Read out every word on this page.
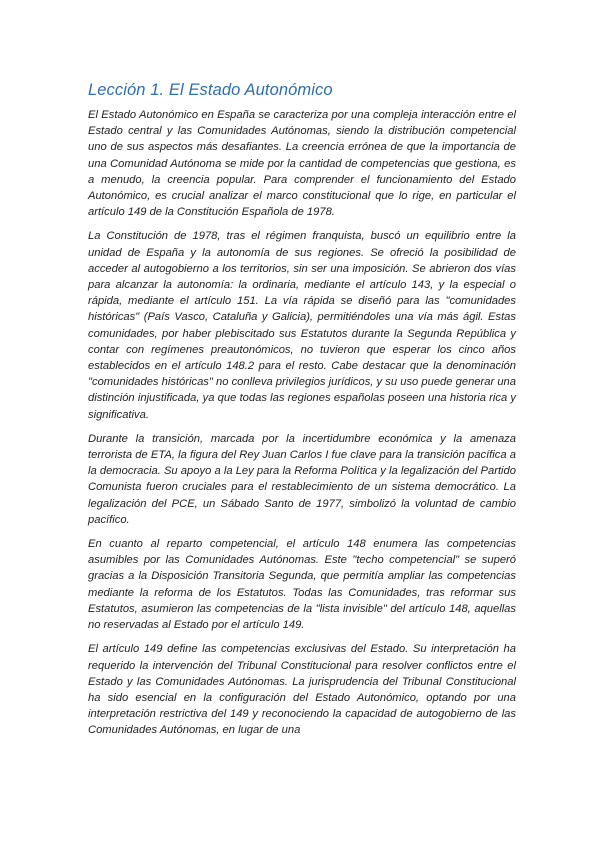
Lección 1. El Estado Autonómico

El Estado Autonómico en España se caracteriza por una compleja interacción entre el Estado central y las Comunidades Autónomas, siendo la distribución competencial uno de sus aspectos más desafiantes. La creencia errónea de que la importancia de una Comunidad Autónoma se mide por la cantidad de competencias que gestiona, es a menudo, la creencia popular. Para comprender el funcionamiento del Estado Autonómico, es crucial analizar el marco constitucional que lo rige, en particular el artículo 149 de la Constitución Española de 1978.

La Constitución de 1978, tras el régimen franquista, buscó un equilibrio entre la unidad de España y la autonomía de sus regiones. Se ofreció la posibilidad de acceder al autogobierno a los territorios, sin ser una imposición. Se abrieron dos vías para alcanzar la autonomía: la ordinaria, mediante el artículo 143, y la especial o rápida, mediante el artículo 151. La vía rápida se diseñó para las "comunidades históricas" (País Vasco, Cataluña y Galicia), permitiéndoles una vía más ágil. Estas comunidades, por haber plebiscitado sus Estatutos durante la Segunda República y contar con regímenes preautonómicos, no tuvieron que esperar los cinco años establecidos en el artículo 148.2 para el resto. Cabe destacar que la denominación "comunidades históricas" no conlleva privilegios jurídicos, y su uso puede generar una distinción injustificada, ya que todas las regiones españolas poseen una historia rica y significativa.

Durante la transición, marcada por la incertidumbre económica y la amenaza terrorista de ETA, la figura del Rey Juan Carlos I fue clave para la transición pacífica a la democracia. Su apoyo a la Ley para la Reforma Política y la legalización del Partido Comunista fueron cruciales para el restablecimiento de un sistema democrático. La legalización del PCE, un Sábado Santo de 1977, simbolizó la voluntad de cambio pacífico.

En cuanto al reparto competencial, el artículo 148 enumera las competencias asumibles por las Comunidades Autónomas. Este "techo competencial" se superó gracias a la Disposición Transitoria Segunda, que permitía ampliar las competencias mediante la reforma de los Estatutos. Todas las Comunidades, tras reformar sus Estatutos, asumieron las competencias de la "lista invisible" del artículo 148, aquellas no reservadas al Estado por el artículo 149.

El artículo 149 define las competencias exclusivas del Estado. Su interpretación ha requerido la intervención del Tribunal Constitucional para resolver conflictos entre el Estado y las Comunidades Autónomas. La jurisprudencia del Tribunal Constitucional ha sido esencial en la configuración del Estado Autonómico, optando por una interpretación restrictiva del 149 y reconociendo la capacidad de autogobierno de las Comunidades Autónomas, en lugar de una
